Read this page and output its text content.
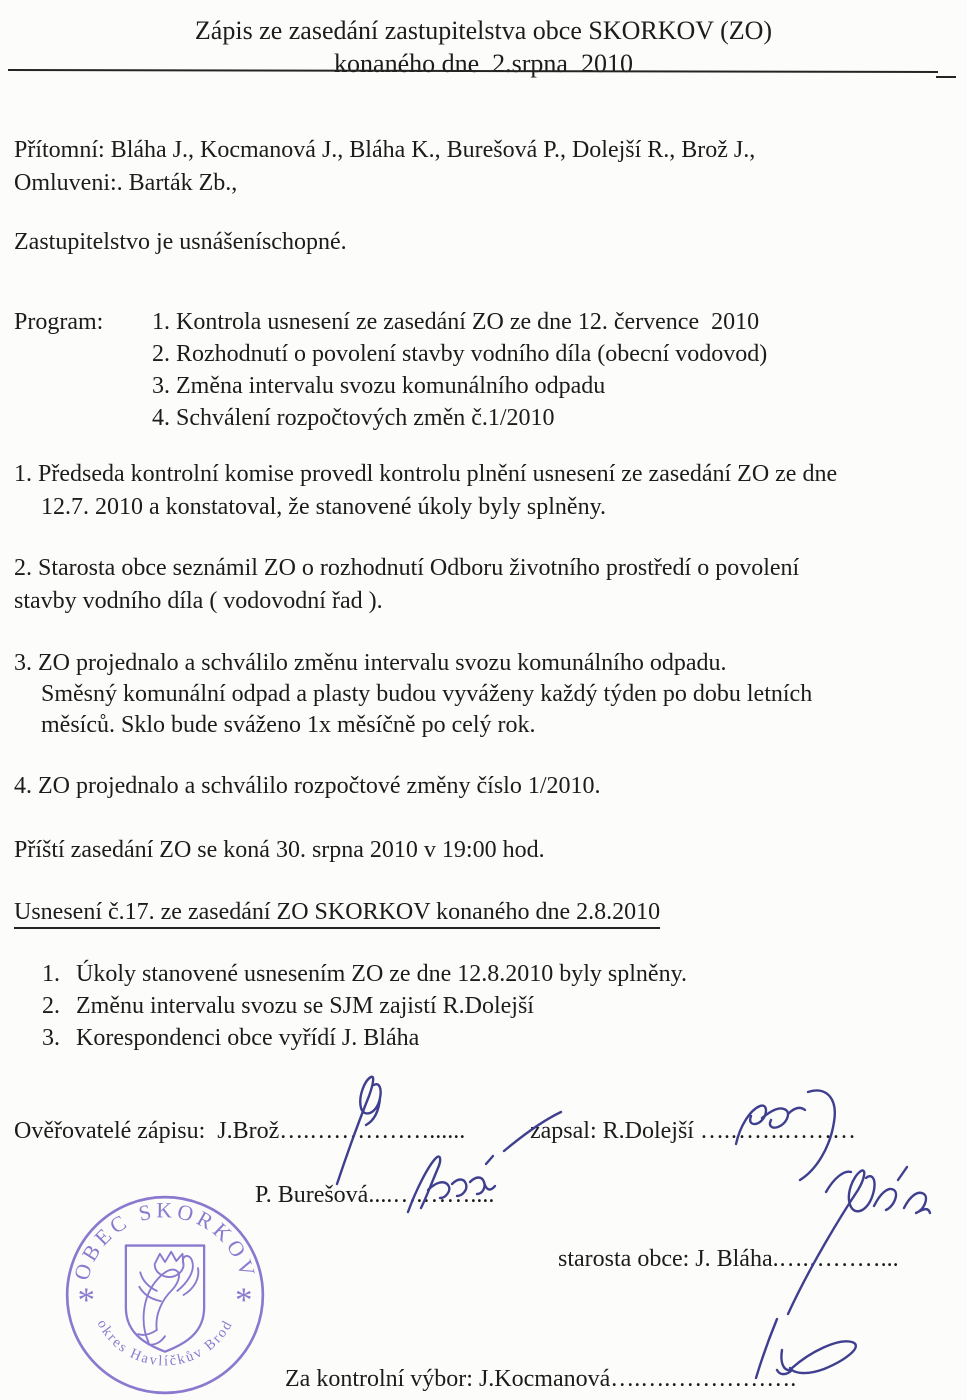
Zápis ze zasedání zastupitelstva obce SKORKOV (ZO)
konaného dne  2.srpna  2010
Přítomní: Bláha J., Kocmanová J., Bláha K., Burešová P., Dolejší R., Brož J.,
Omluveni:. Barták Zb.,
Zastupitelstvo je usnášeníschopné.
Program:	1. Kontrola usnesení ze zasedání ZO ze dne 12. července  2010
2. Rozhodnutí o povolení stavby vodního díla (obecní vodovod)
3. Změna intervalu svozu komunálního odpadu
4. Schválení rozpočtových změn č.1/2010
1. Předseda kontrolní komise provedl kontrolu plnění usnesení ze zasedání ZO ze dne
12.7. 2010 a konstatoval, že stanovené úkoly byly splněny.
2. Starosta obce seznámil ZO o rozhodnutí Odboru životního prostředí o povolení
stavby vodního díla ( vodovodní řad ).
3. ZO projednalo a schválilo změnu intervalu svozu komunálního odpadu.
Směsný komunální odpad a plasty budou vyváženy každý týden po dobu letních
měsíců. Sklo bude sváženo 1x měsíčně po celý rok.
4. ZO projednalo a schválilo rozpočtové změny číslo 1/2010.
Příští zasedání ZO se koná 30. srpna 2010 v 19:00 hod.
Usnesení č.17. ze zasedání ZO SKORKOV konaného dne 2.8.2010
1. Úkoly stanovené usnesením ZO ze dne 12.8.2010 byly splněny.
2. Změnu intervalu svozu se SJM zajistí R.Dolejší
3. Korespondenci obce vyřídí J. Bláha
Ověřovatelé zápisu:  J.Brož….……………......	zapsal: R.Dolejší ….…….………
P. Burešová....….……....
starosta obce: J. Bláha.….………...
Za kontrolní výbor: J.Kocmanová….….…………….
OBEC SKORKOV
okres Havlíčkův Brod
*	*
